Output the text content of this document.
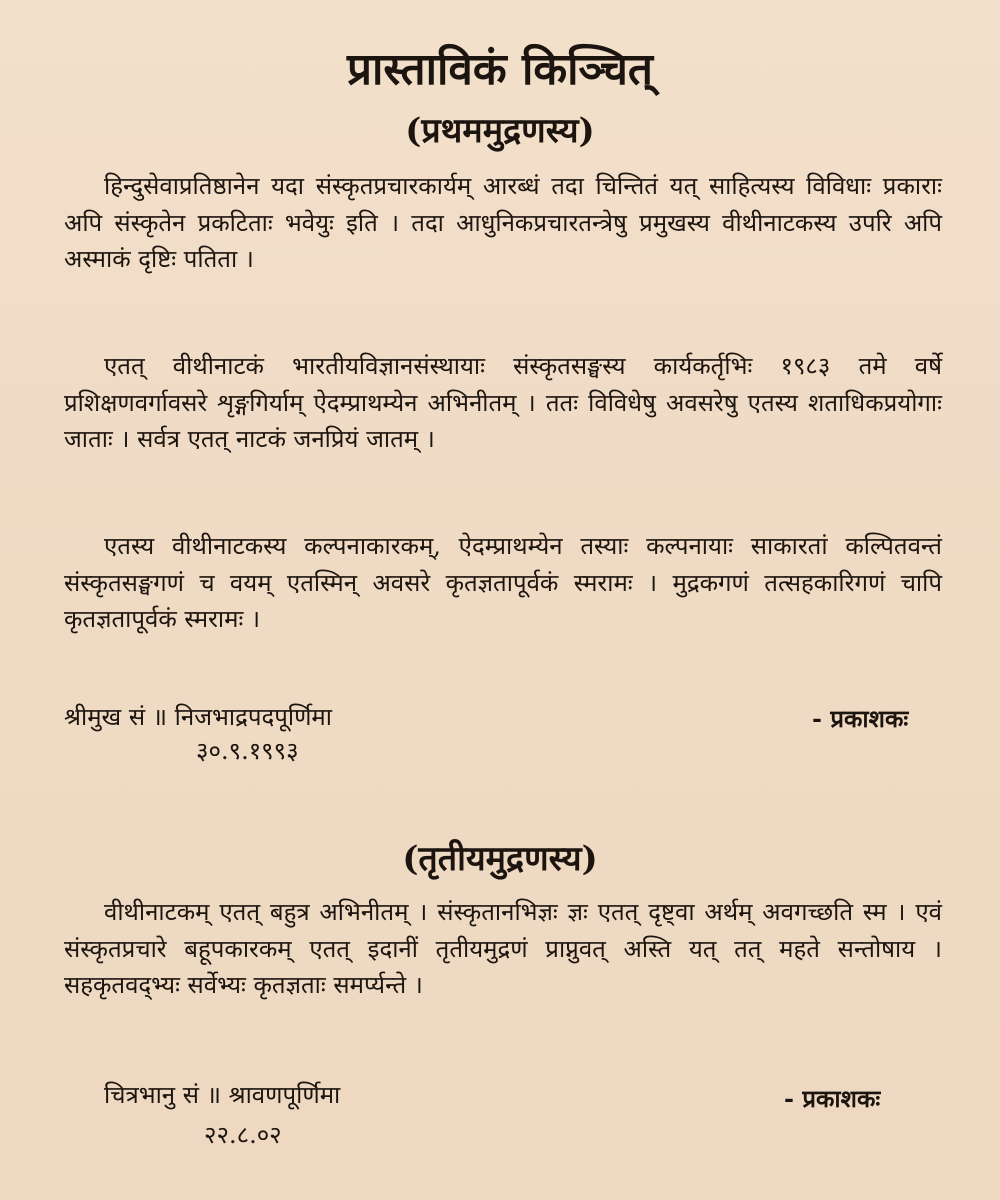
प्रास्ताविकं किञ्चित्
(प्रथममुद्रणस्य)

हिन्दुसेवाप्रतिष्ठानेन यदा संस्कृतप्रचारकार्यम् आरब्धं तदा चिन्तितं यत् साहित्यस्य विविधाः प्रकाराः अपि संस्कृतेन प्रकटिताः भवेयुः इति । तदा आधुनिकप्रचारतन्त्रेषु प्रमुखस्य वीथीनाटकस्य उपरि अपि अस्माकं दृष्टिः पतिता ।

एतत् वीथीनाटकं भारतीयविज्ञानसंस्थायाः संस्कृतसङ्घस्य कार्यकर्तृभिः १९८३ तमे वर्षे प्रशिक्षणवर्गावसरे शृङ्गगिर्याम् ऐदम्प्राथम्येन अभिनीतम् । ततः विविधेषु अवसरेषु एतस्य शताधिकप्रयोगाः जाताः । सर्वत्र एतत् नाटकं जनप्रियं जातम् ।

एतस्य वीथीनाटकस्य कल्पनाकारकम्, ऐदम्प्राथम्येन तस्याः कल्पनायाः साकारतां कल्पितवन्तं संस्कृतसङ्घगणं च वयम् एतस्मिन् अवसरे कृतज्ञतापूर्वकं स्मरामः । मुद्रकगणं तत्सहकारिगणं चापि कृतज्ञतापूर्वकं स्मरामः ।

श्रीमुख सं ॥ निजभाद्रपदपूर्णिमा

३०.९.१९९३

- प्रकाशकः

(तृतीयमुद्रणस्य)

वीथीनाटकम् एतत् बहुत्र अभिनीतम् । संस्कृतानभिज्ञः ज्ञः एतत् दृष्ट्वा अर्थम् अवगच्छति स्म । एवं संस्कृतप्रचारे बहूपकारकम् एतत् इदानीं तृतीयमुद्रणं प्राप्नुवत् अस्ति यत् तत् महते सन्तोषाय । सहकृतवद्भ्यः सर्वेभ्यः कृतज्ञताः समर्प्यन्ते ।

चित्रभानु सं ॥ श्रावणपूर्णिमा

२२.८.०२

- प्रकाशकः
